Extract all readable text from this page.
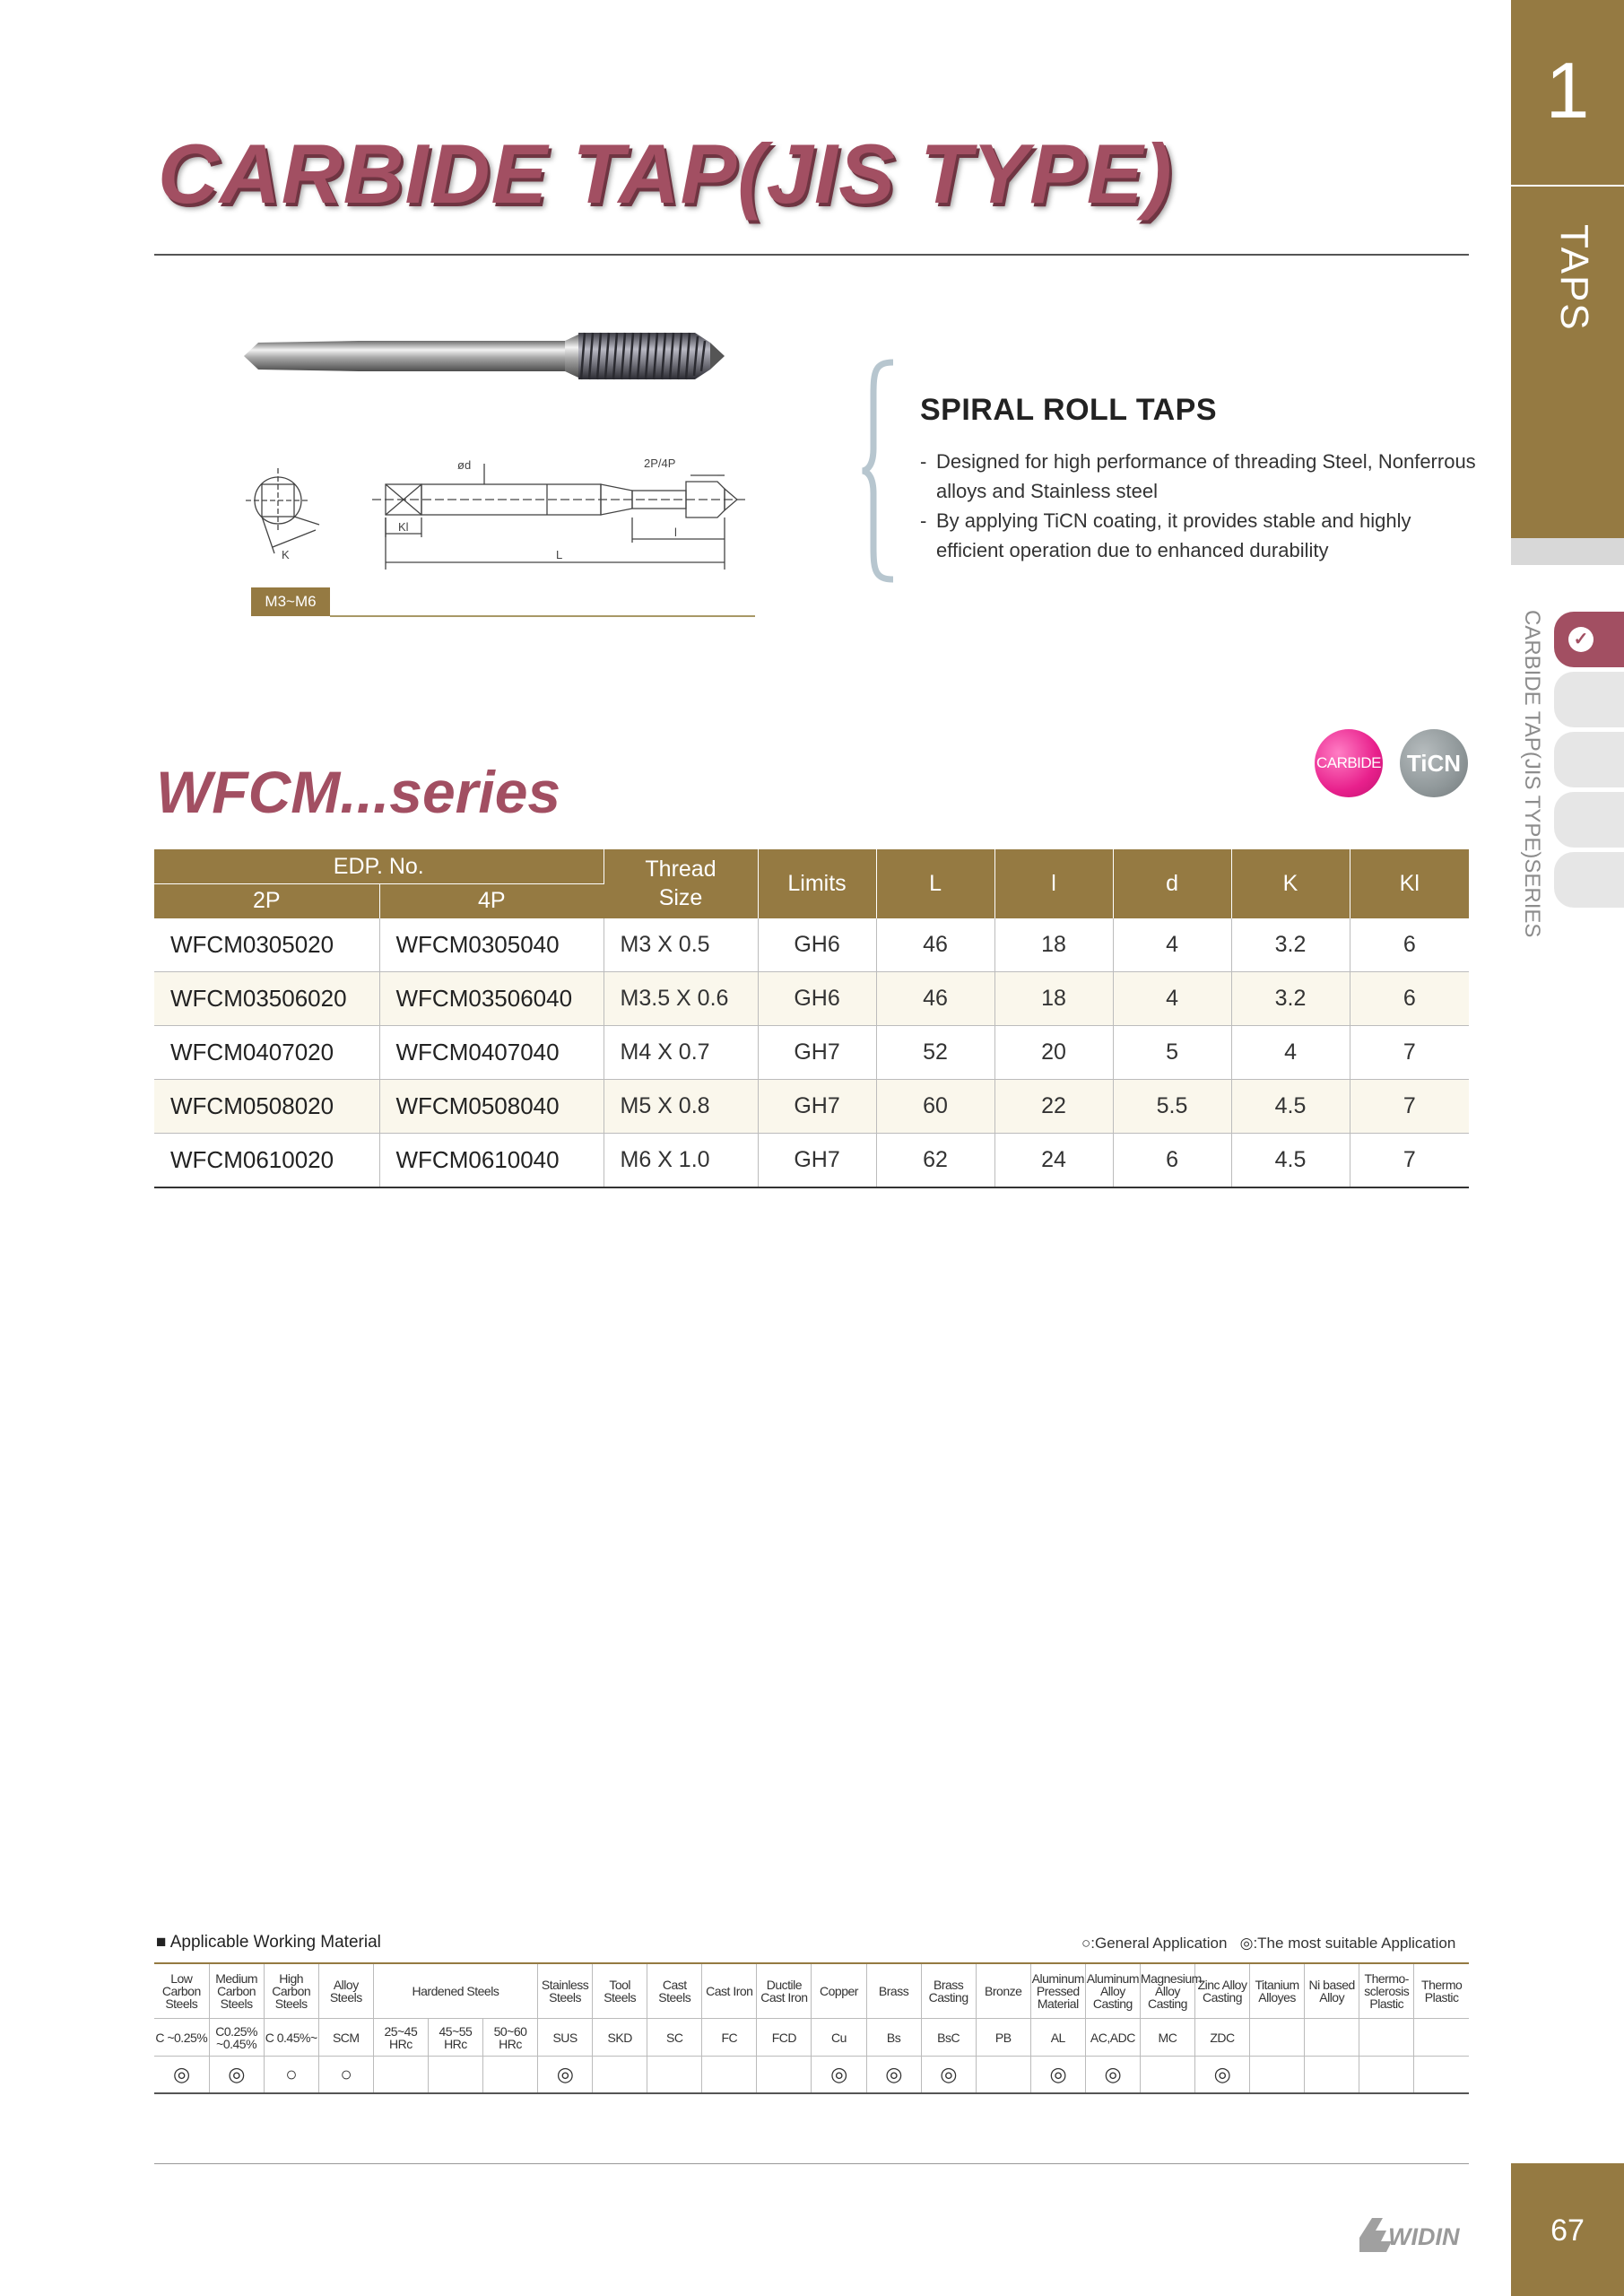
1
TAPS
✓
CARBIDE TAP(JIS TYPE)SERIES
CARBIDE TAP(JIS TYPE)
K
ød	2P/4P
Kl	l
L
M3~M6
SPIRAL ROLL TAPS
- Designed for high performance of threading Steel, Nonferrous alloys and Stainless steel
- By applying TiCN coating, it provides stable and highly efficient operation due to enhanced durability
CARBIDE	TiCN
WFCM...series
EDP. No.		Thread Size	Limits	L	l	d	K	Kl
2P	4P							
WFCM0305020	WFCM0305040	M3 X 0.5	GH6	46	18	4	3.2	6
WFCM03506020	WFCM03506040	M3.5 X 0.6	GH6	46	18	4	3.2	6
WFCM0407020	WFCM0407040	M4 X 0.7	GH7	52	20	5	4	7
WFCM0508020	WFCM0508040	M5 X 0.8	GH7	60	22	5.5	4.5	7
WFCM0610020	WFCM0610040	M6 X 1.0	GH7	62	24	6	4.5	7
■ Applicable Working Material	○:General Application ◎:The most suitable Application
Low Carbon Steels	Medium Carbon Steels	High Carbon Steels	Alloy Steels	Hardened Steels			Stainless Steels	Tool Steels	Cast Steels	Cast Iron	Ductile Cast Iron	Copper	Brass	Brass Casting	Bronze	Aluminum Pressed Material	Aluminum Alloy Casting	Magnesium Alloy Casting	Zinc Alloy Casting	Titanium Alloyes	Ni based Alloy	Thermo-sclerosis Plastic	Thermo Plastic
C ~0.25%	C0.25% ~0.45%	C 0.45%~	SCM	25~45 HRc	45~55 HRc	50~60 HRc	SUS	SKD	SC	FC	FCD	Cu	Bs	BsC	PB	AL	AC,ADC	MC	ZDC				
◎	◎	○	○				◎					◎	◎	◎		◎	◎		◎				
WIDIN	67
